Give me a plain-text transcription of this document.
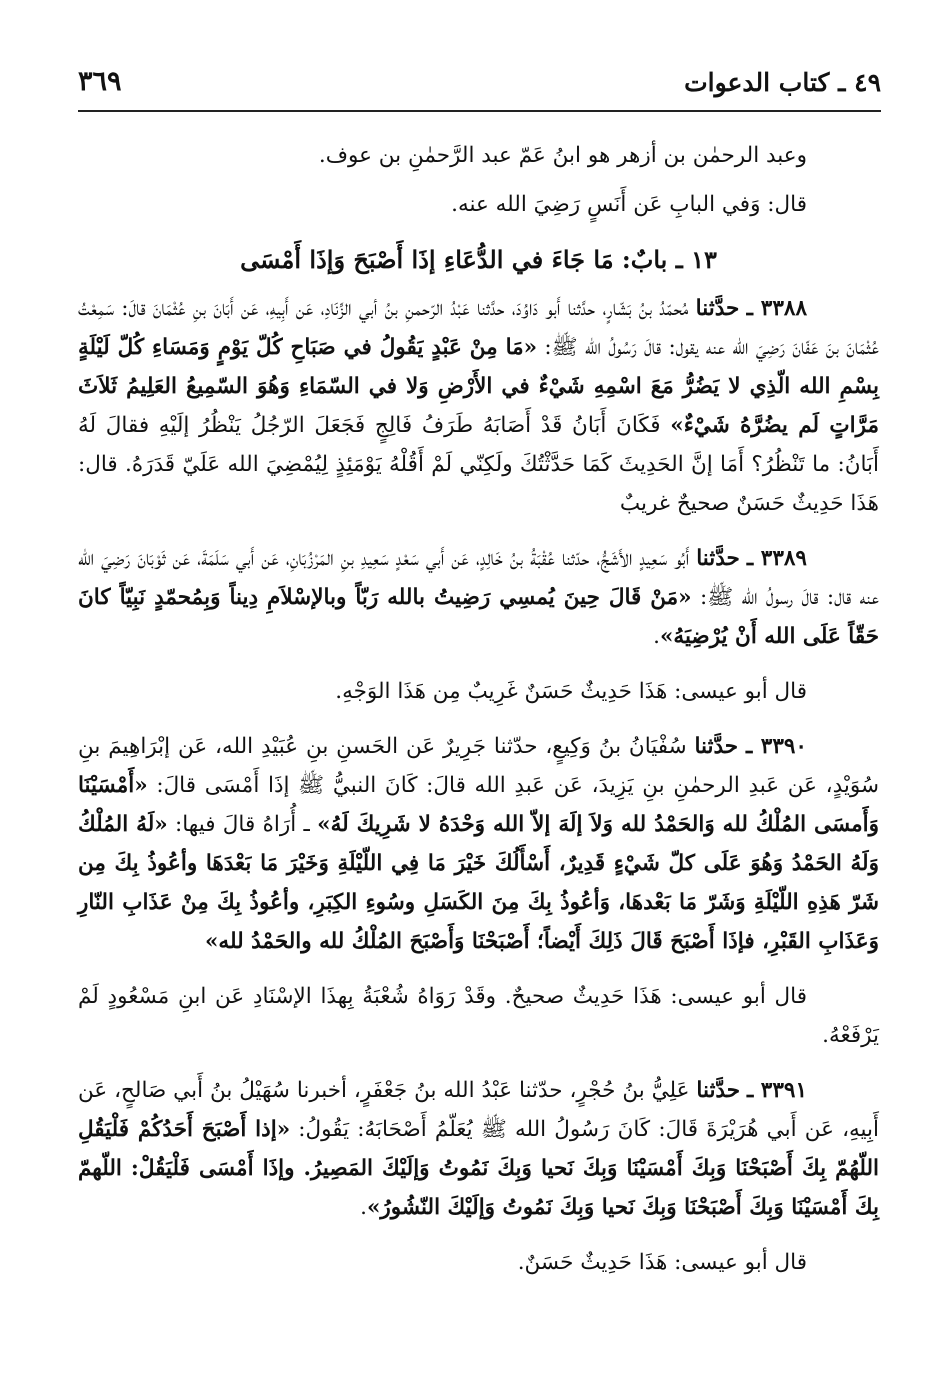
٤٩ ـ كتاب الدعوات
٣٦٩

وعبد الرحمٰن بن أزهر هو ابنُ عَمّ عبد الرَّحمٰنِ بن عوف.

قال: وَفي البابِ عَن أَنَسٍ رَضِيَ الله عنه.

١٣ ـ بابٌ: مَا جَاءَ في الدُّعَاءِ إذَا أَصْبَحَ وَإذَا أَمْسَى

٣٣٨٨ ـ حدَّثنا مُحمّدُ بنُ بَشّارٍ، حدَّثنا أَبو دَاوُدَ، حدَّثنا عَبْدُ الرّحمنِ بنُ أبي الزِّنَادِ، عَن أَبِيهِ، عَن أَبَانَ بنِ عُثْمَانَ قالَ: سَمِعْتُ عُثْمَانَ بنَ عَفّانَ رَضِيَ الله عنه يقول: قالَ رَسُولُ الله ﷺ: «مَا مِنْ عَبْدٍ يَقُولُ في صَبَاحِ كُلّ يَوْمٍ وَمَسَاءِ كُلّ لَيْلَةٍ بِسْمِ الله الّذِي لا يَضُرُّ مَعَ اسْمِهِ شَيْءٌ في الأَرْضِ وَلا في السّمَاءِ وَهُوَ السّمِيعُ العَلِيمُ ثَلاَثَ مَرَّاتٍ لَم يضُرَّهُ شَيْءٌ» فَكَانَ أَبَانُ قَدْ أَصَابَهُ طَرَفُ فَالِجٍ فَجَعَلَ الرّجُلُ يَنْظُرُ إلَيْهِ فقالَ لَهُ أَبَانُ: ما تَنْظُرُ؟ أَمَا إنَّ الحَدِيثَ كَمَا حَدَّثْتُكَ ولَكِنّي لَمْ أَقُلْهُ يَوْمَئِذٍ لِيُمْضِيَ الله عَلَيّ قَدَرَهُ. قال: هَذَا حَدِيثٌ حَسَنٌ صحيحٌ غريبٌ

٣٣٨٩ ـ حدَّثنا أَبُو سَعِيدٍ الأَشَجُّ، حدّثنا عُقْبَةُ بنُ خَالِدٍ، عَن أَبي سَعْدٍ سَعِيدِ بنِ المَرْزُبَانِ، عَن أَبي سَلَمَةَ، عَن ثَوْبَانَ رَضِيَ الله عنه قال: قالَ رسولُ الله ﷺ: «مَنْ قَالَ حِينَ يُمسِي رَضِيتُ بالله رَبّاً وبالإسْلاَمِ دِيناً وَبِمُحمّدٍ نَبِيّاً كانَ حَقّاً عَلَى الله أَنْ يُرْضِيَهُ».

قال أبو عيسى: هَذَا حَدِيثٌ حَسَنٌ غَرِيبٌ مِن هَذَا الوَجْهِ.

٣٣٩٠ ـ حدَّثنا سُفْيَانُ بنُ وَكِيعٍ، حدّثنا جَرِيرٌ عَن الحَسنِ بنِ عُبَيْدِ الله، عَن إبْرَاهِيمَ بنِ سُوَيْدٍ، عَن عَبدِ الرحمٰنِ بنِ يَزِيدَ، عَن عَبدِ الله قالَ: كَانَ النبيُّ ﷺ إذَا أَمْسَى قالَ: «أَمْسَيْنَا وَأَمسَى المُلْكُ لله وَالحَمْدُ لله وَلاَ إلَهَ إلاّ الله وَحْدَهُ لا شَرِيكَ لَهُ» ـ أُرَاهُ قالَ فيها: «لَهُ المُلْكُ وَلَهُ الحَمْدُ وَهُوَ عَلَى كلّ شَيْءٍ قَدِيرٌ، أَسْأَلُكَ خَيْرَ مَا فِي اللّيْلَةِ وَخَيْرَ مَا بَعْدَهَا وأعُوذُ بِكَ مِن شَرّ هَذِهِ اللّيْلَةِ وَشَرّ مَا بَعْدهَا، وَأعُوذُ بِكَ مِنَ الكَسَلِ وسُوءِ الكِبَرِ، وأعُوذُ بِكَ مِنْ عَذَابِ النّارِ وَعَذَابِ القَبْرِ، فإذَا أَصْبَحَ قَالَ ذَلِكَ أَيْضاً؛ أَصْبَحْنَا وَأَصْبَحَ المُلْكُ لله والحَمْدُ لله»

قال أبو عيسى: هَذَا حَدِيثٌ صحيحٌ. وقَدْ رَوَاهُ شُعْبَةُ بِهذَا الإسْنَادِ عَن ابنِ مَسْعُودٍ لَمْ يَرْفَعْهُ.

٣٣٩١ ـ حدَّثنا عَلِيُّ بنُ حُجْرٍ، حدّثنا عَبْدُ الله بنُ جَعْفَرٍ، أخبرنا سُهَيْلُ بنُ أَبي صَالحٍ، عَن أَبِيهِ، عَن أَبي هُرَيْرَةَ قَالَ: كَانَ رَسُولُ الله ﷺ يُعَلّمُ أَصْحَابَهُ: يَقُولُ: «إذا أَصْبَحَ أَحَدُكُمْ فَلْيَقُلِ اللّهُمّ بِكَ أَصْبَحْنَا وَبِكَ أَمْسَيْنَا وَبِكَ نَحيا وَبِكَ نَمُوتُ وَإلَيْكَ المَصِيرُ. وإذَا أَمْسَى فَلْيَقُلْ: اللّهمّ بِكَ أَمْسَيْنَا وَبِكَ أَصْبَحْنَا وَبِكَ نَحيا وَبِكَ نَمُوتُ وَإلَيْكَ النّشُورُ».

قال أبو عيسى: هَذَا حَدِيثٌ حَسَنٌ.
